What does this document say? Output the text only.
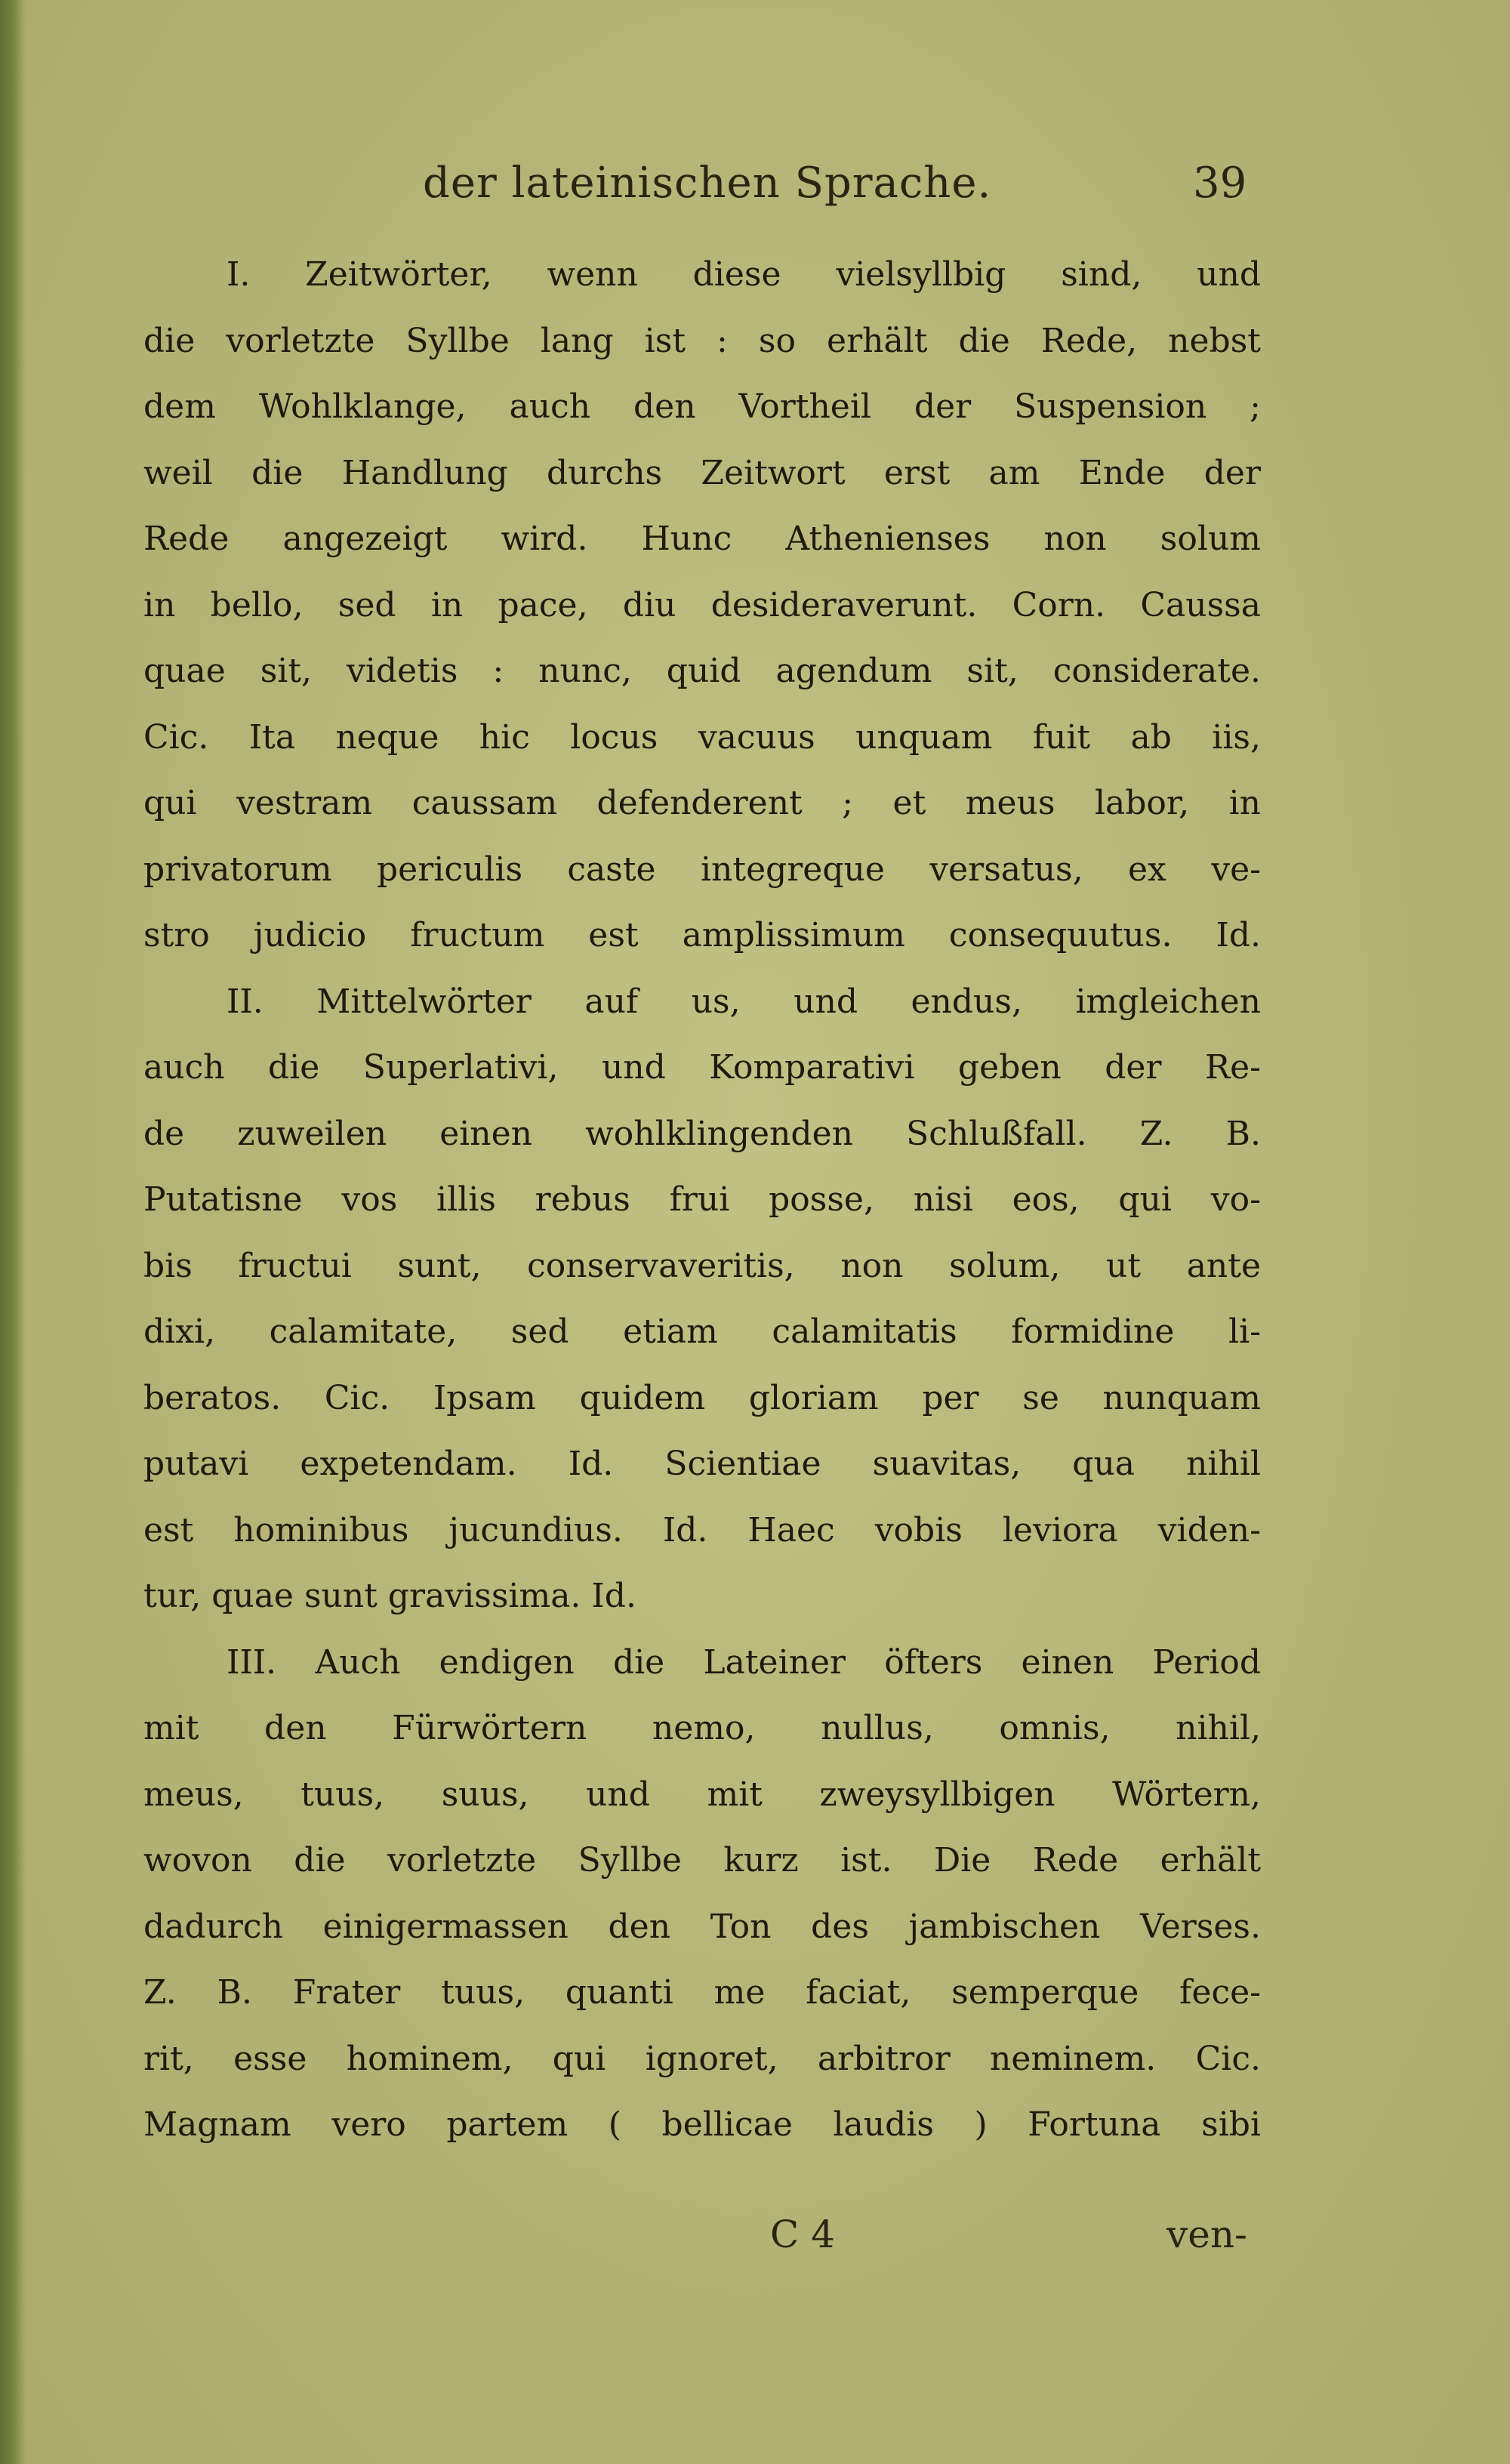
der lateinischen Sprache.	39
I. Zeitwörter, wenn diese vielsyllbig sind, und
die vorletzte Syllbe lang ist : so erhält die Rede, nebst
dem Wohlklange, auch den Vortheil der Suspension ;
weil die Handlung durchs Zeitwort erst am Ende der
Rede angezeigt wird. Hunc Athenienses non solum
in bello, sed in pace, diu desideraverunt. Corn. Caussa
quae sit, videtis : nunc, quid agendum sit, considerate.
Cic. Ita neque hic locus vacuus unquam fuit ab iis,
qui vestram caussam defenderent ; et meus labor, in
privatorum periculis caste integreque versatus, ex ve-
stro judicio fructum est amplissimum consequutus. Id.
II. Mittelwörter auf us, und endus, imgleichen
auch die Superlativi, und Komparativi geben der Re-
de zuweilen einen wohlklingenden Schlußfall. Z. B.
Putatisne vos illis rebus frui posse, nisi eos, qui vo-
bis fructui sunt, conservaveritis, non solum, ut ante
dixi, calamitate, sed etiam calamitatis formidine li-
beratos. Cic. Ipsam quidem gloriam per se nunquam
putavi expetendam. Id. Scientiae suavitas, qua nihil
est hominibus jucundius. Id. Haec vobis leviora viden-
tur, quae sunt gravissima. Id.
III. Auch endigen die Lateiner öfters einen Period
mit den Fürwörtern nemo, nullus, omnis, nihil,
meus, tuus, suus, und mit zweysyllbigen Wörtern,
wovon die vorletzte Syllbe kurz ist. Die Rede erhält
dadurch einigermassen den Ton des jambischen Verses.
Z. B. Frater tuus, quanti me faciat, semperque fece-
rit, esse hominem, qui ignoret, arbitror neminem. Cic.
Magnam vero partem ( bellicae laudis ) Fortuna sibi
C 4	ven-
